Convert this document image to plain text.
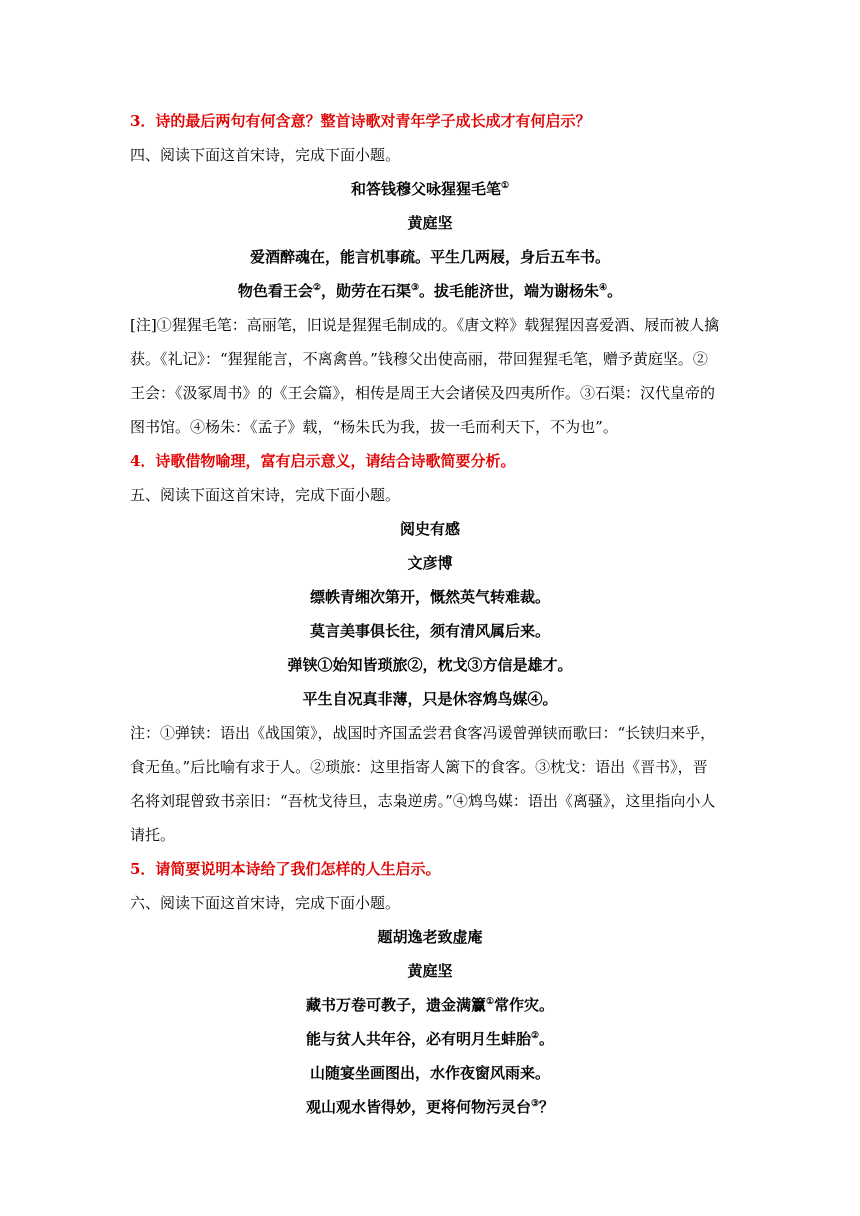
3．诗的最后两句有何含意？整首诗歌对青年学子成长成才有何启示？
四、阅读下面这首宋诗，完成下面小题。
和答钱穆父咏猩猩毛笔①
黄庭坚
爱酒醉魂在，能言机事疏。平生几两屐，身后五车书。
物色看王会②，勋劳在石渠③。拔毛能济世，端为谢杨朱④。
[注]①猩猩毛笔：高丽笔，旧说是猩猩毛制成的。《唐文粹》载猩猩因喜爱酒、屐而被人擒
获。《礼记》：“猩猩能言，不离禽兽。”钱穆父出使高丽，带回猩猩毛笔，赠予黄庭坚。②
王会：《汲冢周书》的《王会篇》，相传是周王大会诸侯及四夷所作。③石渠：汉代皇帝的
图书馆。④杨朱：《孟子》载，“杨朱氏为我，拔一毛而利天下，不为也”。
4．诗歌借物喻理，富有启示意义，请结合诗歌简要分析。
五、阅读下面这首宋诗，完成下面小题。
阅史有感
文彦博
缥帙青缃次第开，慨然英气转难裁。
莫言美事俱长往，须有清风属后来。
弹铗①始知皆琐旅②，枕戈③方信是雄才。
平生自况真非薄，只是休容鸩鸟媒④。
注：①弹铗：语出《战国策》，战国时齐国孟尝君食客冯谖曾弹铗而歌曰：“长铗归来乎，
食无鱼。”后比喻有求于人。②琐旅：这里指寄人篱下的食客。③枕戈：语出《晋书》，晋
名将刘琨曾致书亲旧：“吾枕戈待旦，志枭逆虏。”④鸩鸟媒：语出《离骚》，这里指向小人
请托。
5．请简要说明本诗给了我们怎样的人生启示。
六、阅读下面这首宋诗，完成下面小题。
题胡逸老致虚庵
黄庭坚
藏书万卷可教子，遗金满籯①常作灾。
能与贫人共年谷，必有明月生蚌胎②。
山随宴坐画图出，水作夜窗风雨来。
观山观水皆得妙，更将何物污灵台③？
